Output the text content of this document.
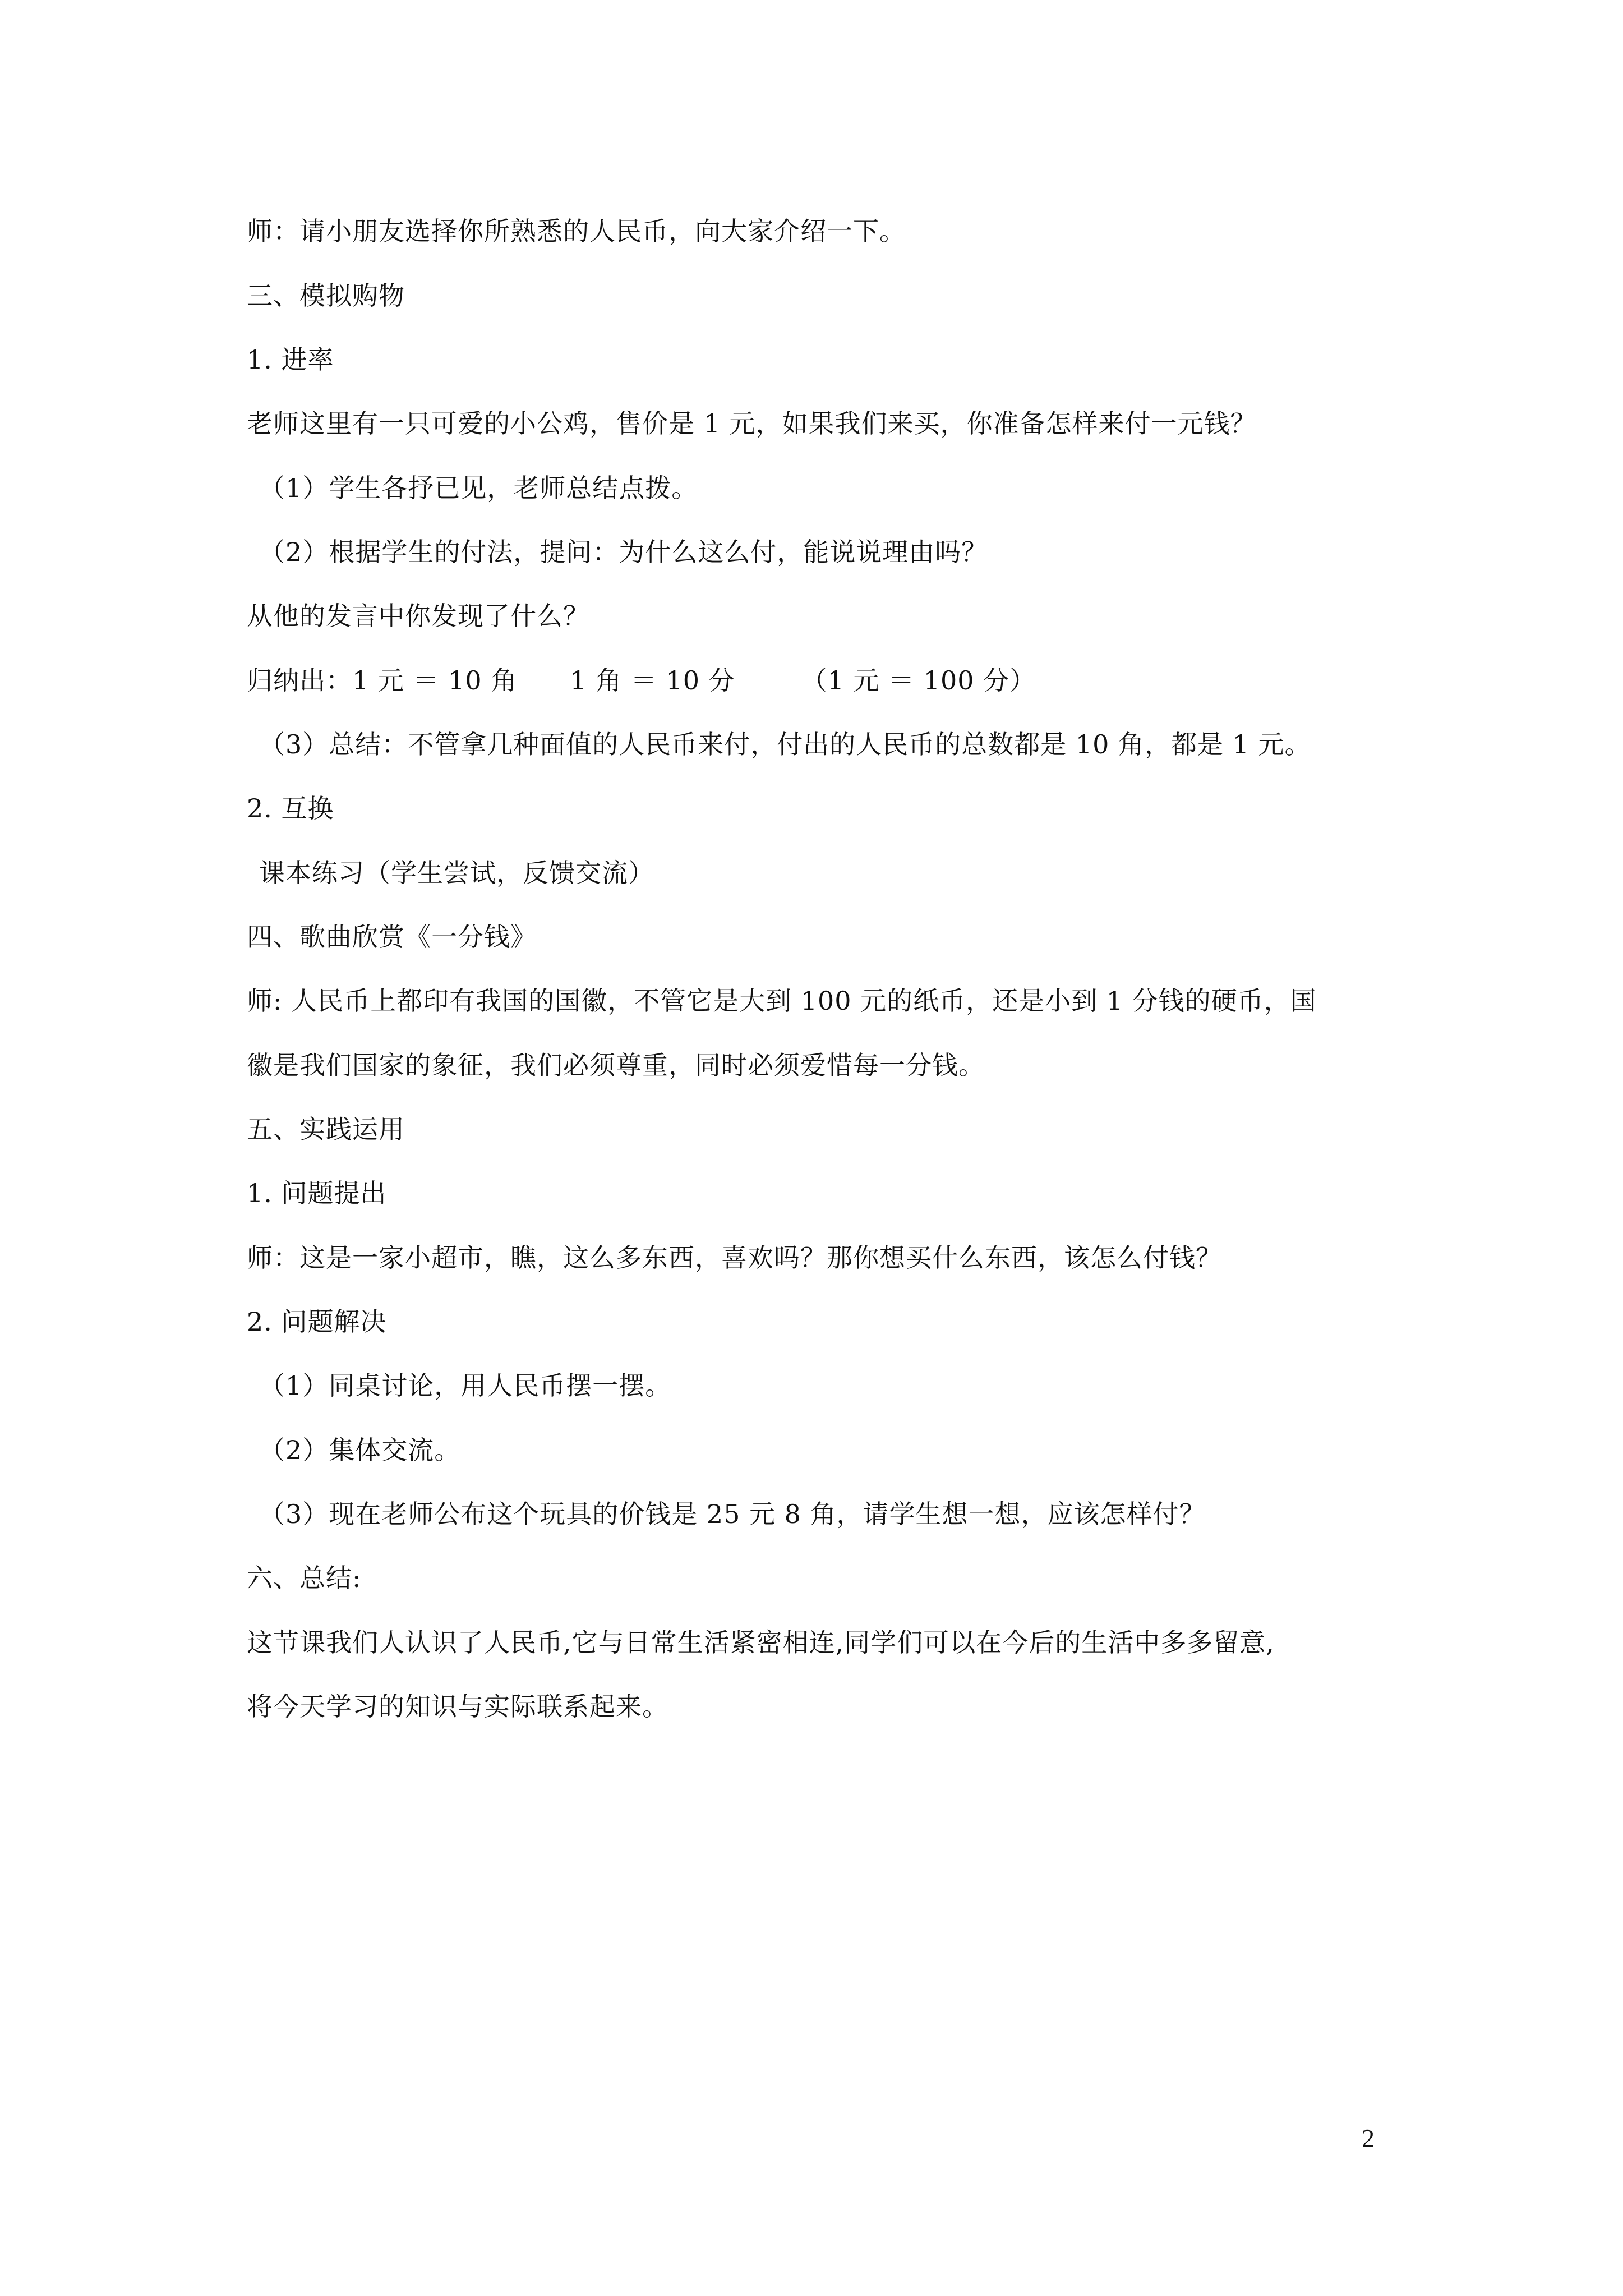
师：请小朋友选择你所熟悉的人民币，向大家介绍一下。
三、模拟购物
1. 进率
老师这里有一只可爱的小公鸡，售价是 1 元，如果我们来买，你准备怎样来付一元钱？
（1）学生各抒已见，老师总结点拨。
（2）根据学生的付法，提问：为什么这么付，能说说理由吗？
从他的发言中你发现了什么？
归纳出：1 元 ＝ 10 角　　1 角 ＝ 10 分　　　（1 元 ＝ 100 分）
（3）总结：不管拿几种面值的人民币来付，付出的人民币的总数都是 10 角，都是 1 元。
2. 互换
课本练习（学生尝试，反馈交流）
四、歌曲欣赏《一分钱》
师: 人民币上都印有我国的国徽，不管它是大到 100 元的纸币，还是小到 1 分钱的硬币，国
徽是我们国家的象征，我们必须尊重，同时必须爱惜每一分钱。
五、实践运用
1. 问题提出
师：这是一家小超市，瞧，这么多东西，喜欢吗？那你想买什么东西，该怎么付钱？
2. 问题解决
（1）同桌讨论，用人民币摆一摆。
（2）集体交流。
（3）现在老师公布这个玩具的价钱是 25 元 8 角，请学生想一想，应该怎样付？
六、总结:
这节课我们人认识了人民币,它与日常生活紧密相连,同学们可以在今后的生活中多多留意,
将今天学习的知识与实际联系起来。
2
